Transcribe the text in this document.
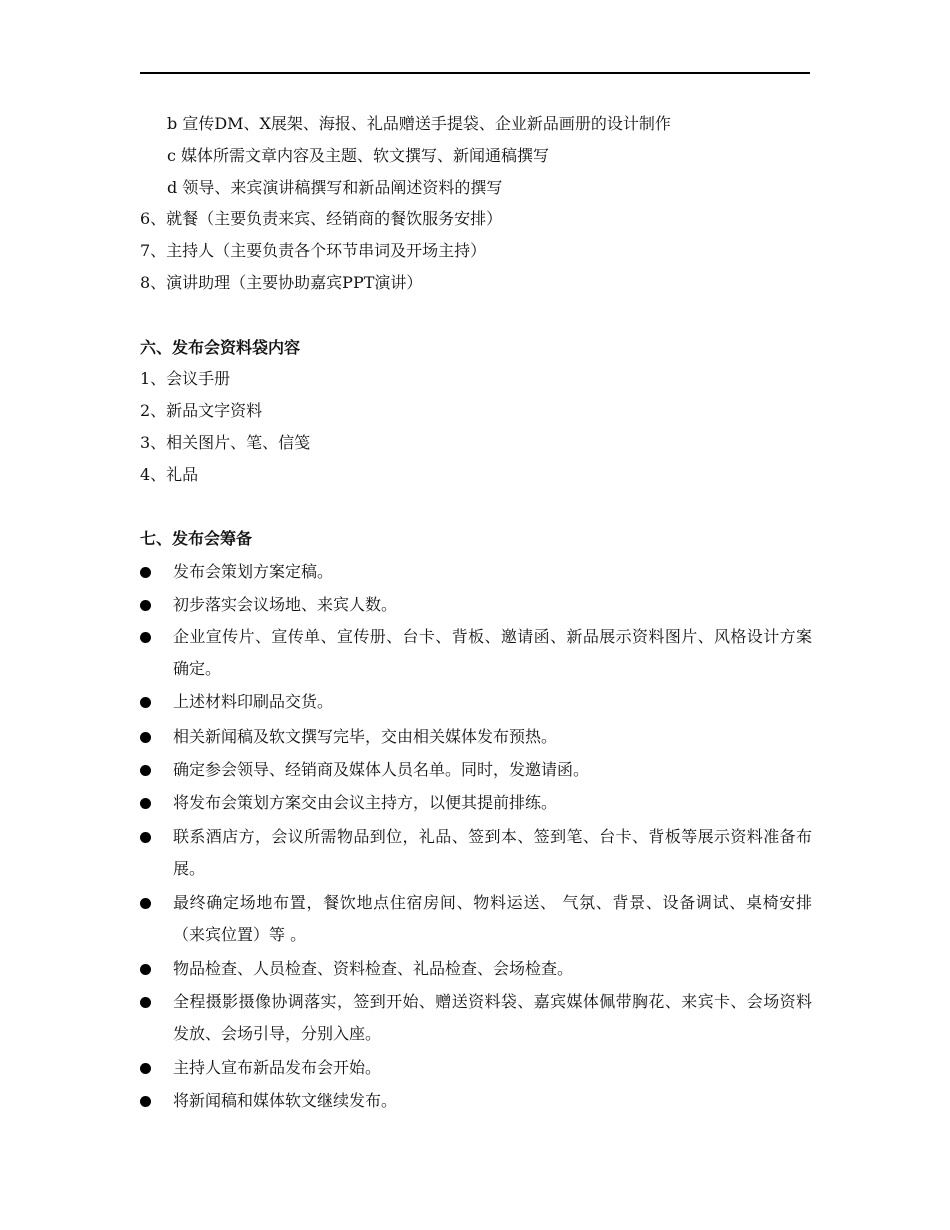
b 宣传DM、X展架、海报、礼品赠送手提袋、企业新品画册的设计制作
c 媒体所需文章内容及主题、软文撰写、新闻通稿撰写
d 领导、来宾演讲稿撰写和新品阐述资料的撰写
6、就餐（主要负责来宾、经销商的餐饮服务安排）
7、主持人（主要负责各个环节串词及开场主持）
8、演讲助理（主要协助嘉宾PPT演讲）
六、发布会资料袋内容
1、会议手册
2、新品文字资料
3、相关图片、笔、信笺
4、礼品
七、发布会筹备
发布会策划方案定稿。
初步落实会议场地、来宾人数。
企业宣传片、宣传单、宣传册、台卡、背板、邀请函、新品展示资料图片、风格设计方案确定。
上述材料印刷品交货。
相关新闻稿及软文撰写完毕，交由相关媒体发布预热。
确定参会领导、经销商及媒体人员名单。同时，发邀请函。
将发布会策划方案交由会议主持方，以便其提前排练。
联系酒店方，会议所需物品到位，礼品、签到本、签到笔、台卡、背板等展示资料准备布展。
最终确定场地布置，餐饮地点住宿房间、物料运送、 气氛、背景、设备调试、桌椅安排（来宾位置）等 。
物品检查、人员检查、资料检查、礼品检查、会场检查。
全程摄影摄像协调落实，签到开始、赠送资料袋、嘉宾媒体佩带胸花、来宾卡、会场资料发放、会场引导，分别入座。
主持人宣布新品发布会开始。
将新闻稿和媒体软文继续发布。
